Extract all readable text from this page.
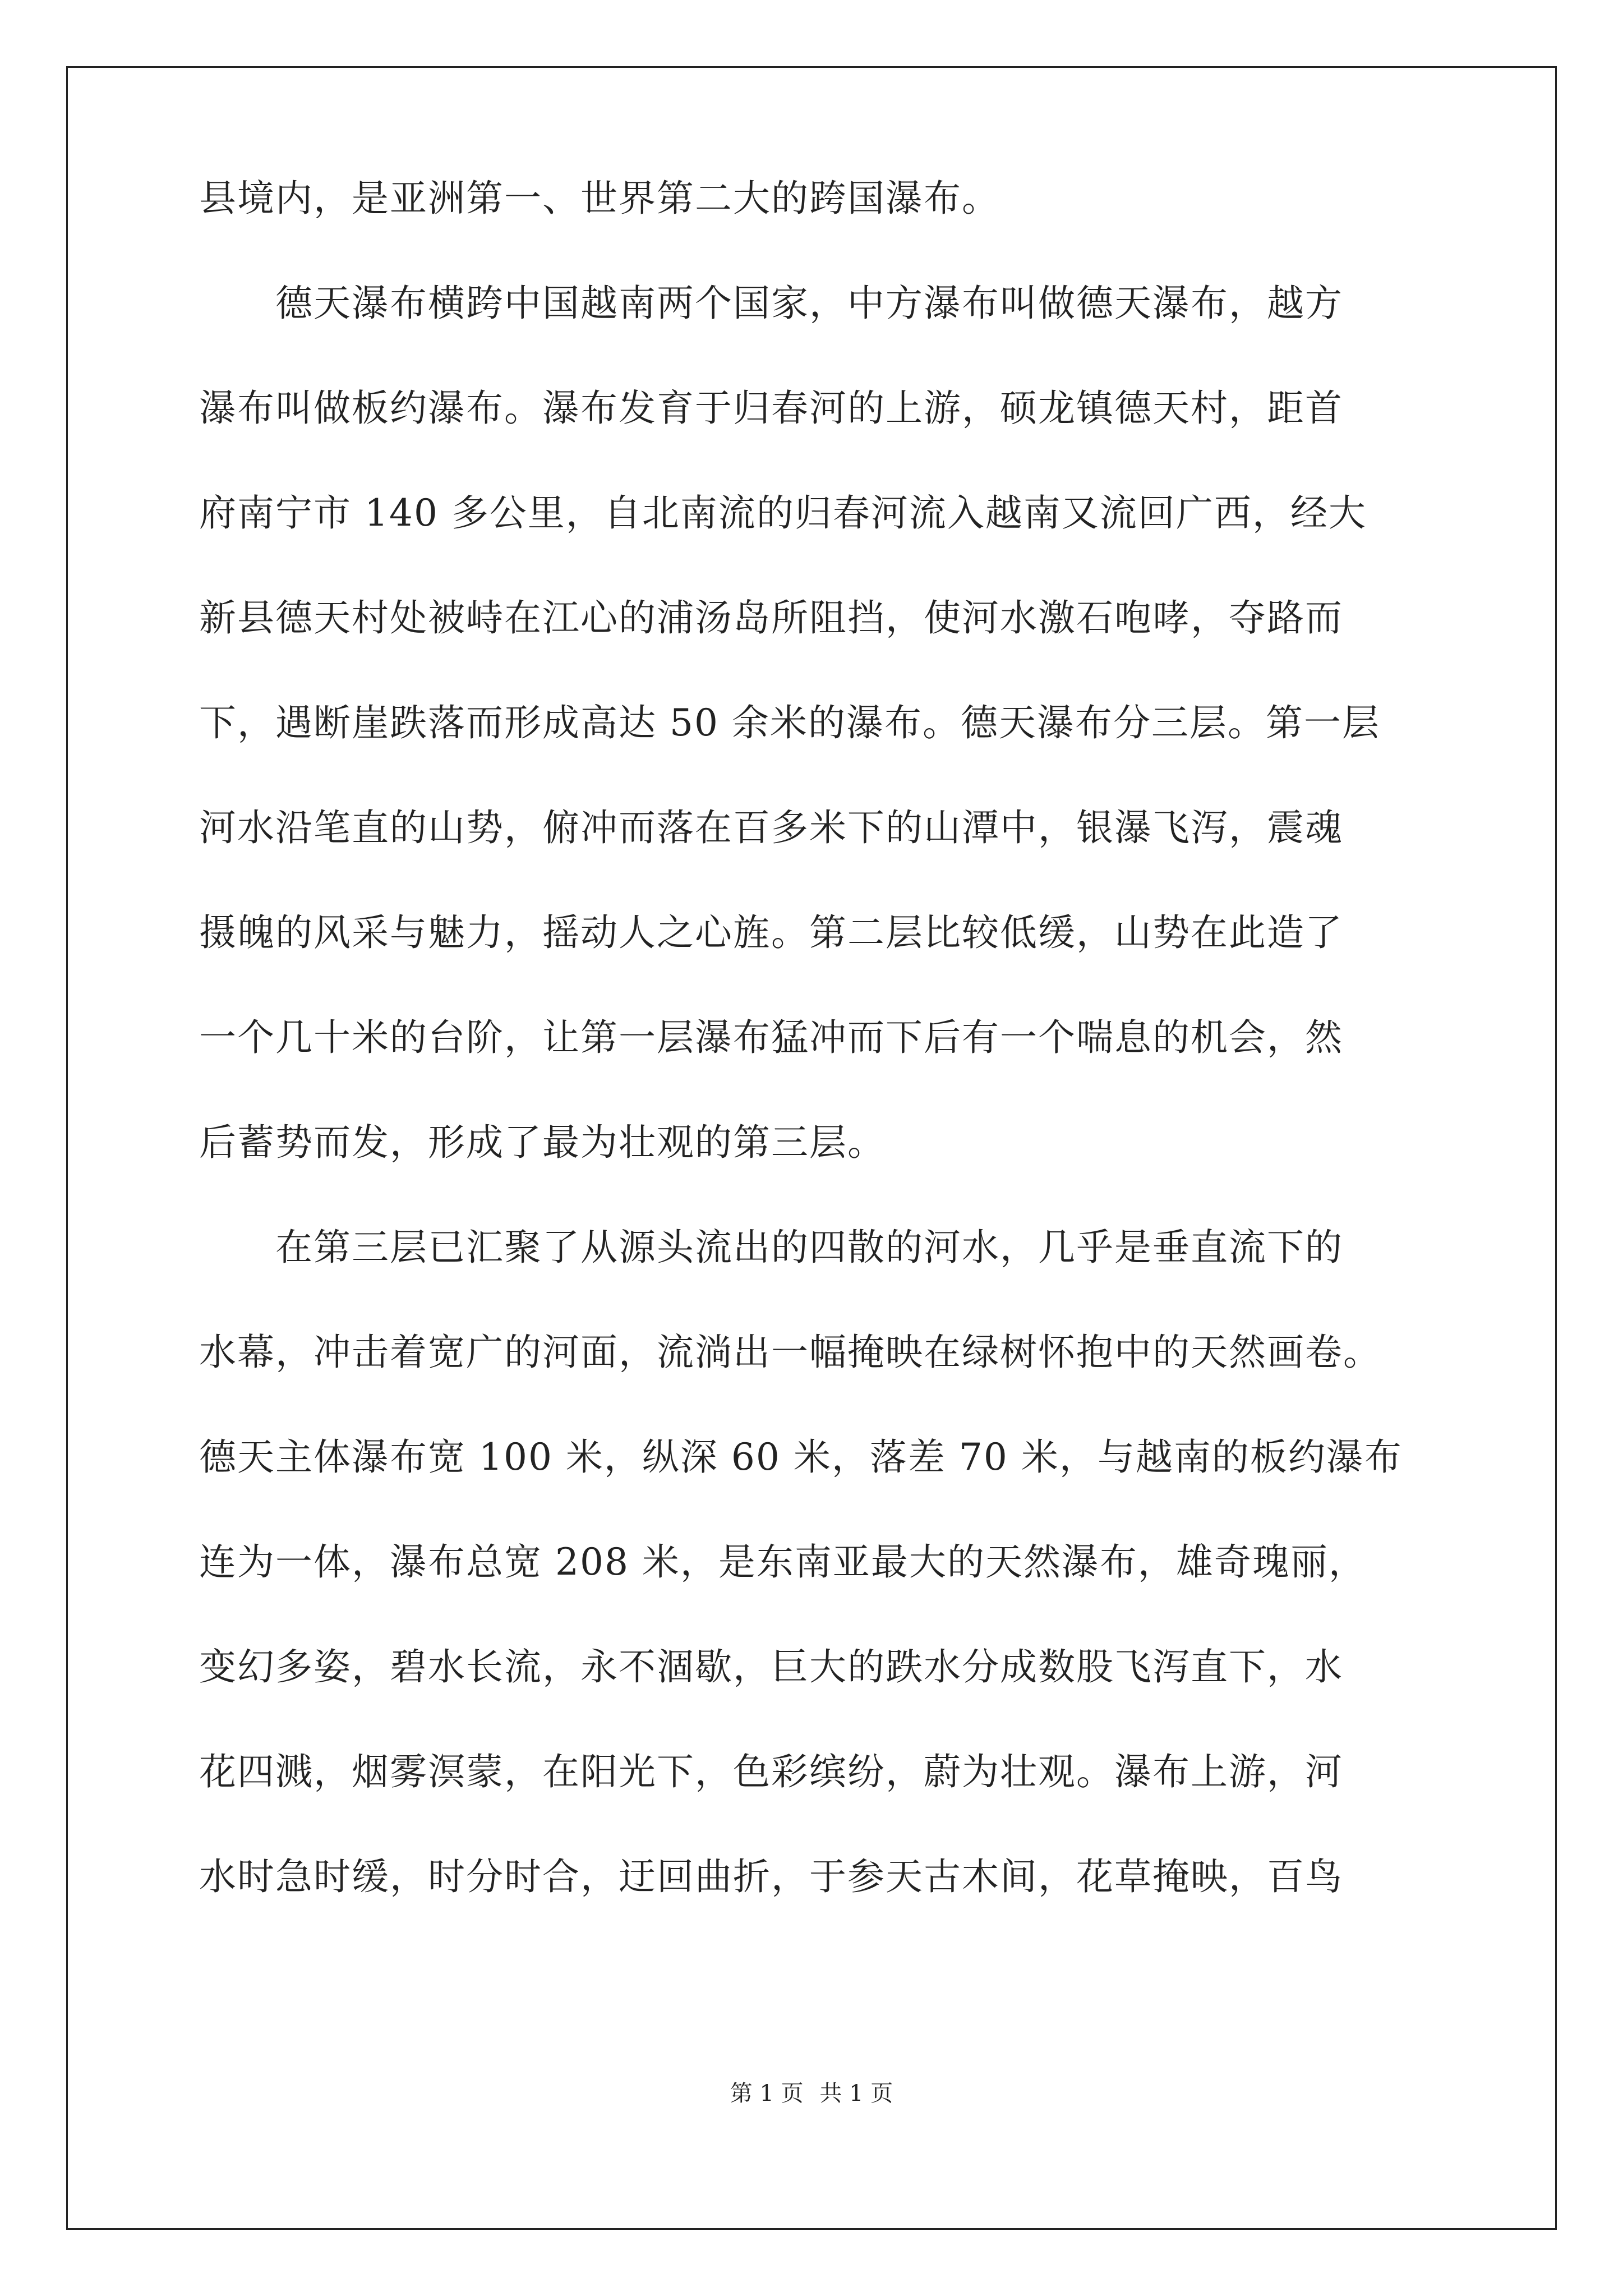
县境内，是亚洲第一、世界第二大的跨国瀑布。

德天瀑布横跨中国越南两个国家，中方瀑布叫做德天瀑布，越方

瀑布叫做板约瀑布。瀑布发育于归春河的上游，硕龙镇德天村，距首

府南宁市 140 多公里，自北南流的归春河流入越南又流回广西，经大

新县德天村处被峙在江心的浦汤岛所阻挡，使河水激石咆哮，夺路而

下，遇断崖跌落而形成高达 50 余米的瀑布。德天瀑布分三层。第一层

河水沿笔直的山势，俯冲而落在百多米下的山潭中，银瀑飞泻，震魂

摄魄的风采与魅力，摇动人之心旌。第二层比较低缓，山势在此造了

一个几十米的台阶，让第一层瀑布猛冲而下后有一个喘息的机会，然

后蓄势而发，形成了最为壮观的第三层。

在第三层已汇聚了从源头流出的四散的河水，几乎是垂直流下的

水幕，冲击着宽广的河面，流淌出一幅掩映在绿树怀抱中的天然画卷。

德天主体瀑布宽 100 米，纵深 60 米，落差 70 米，与越南的板约瀑布

连为一体，瀑布总宽 208 米，是东南亚最大的天然瀑布，雄奇瑰丽，

变幻多姿，碧水长流，永不涸歇，巨大的跌水分成数股飞泻直下，水

花四溅，烟雾溟蒙，在阳光下，色彩缤纷，蔚为壮观。瀑布上游，河

水时急时缓，时分时合，迂回曲折，于参天古木间，花草掩映，百鸟

第 1 页 共 1 页
